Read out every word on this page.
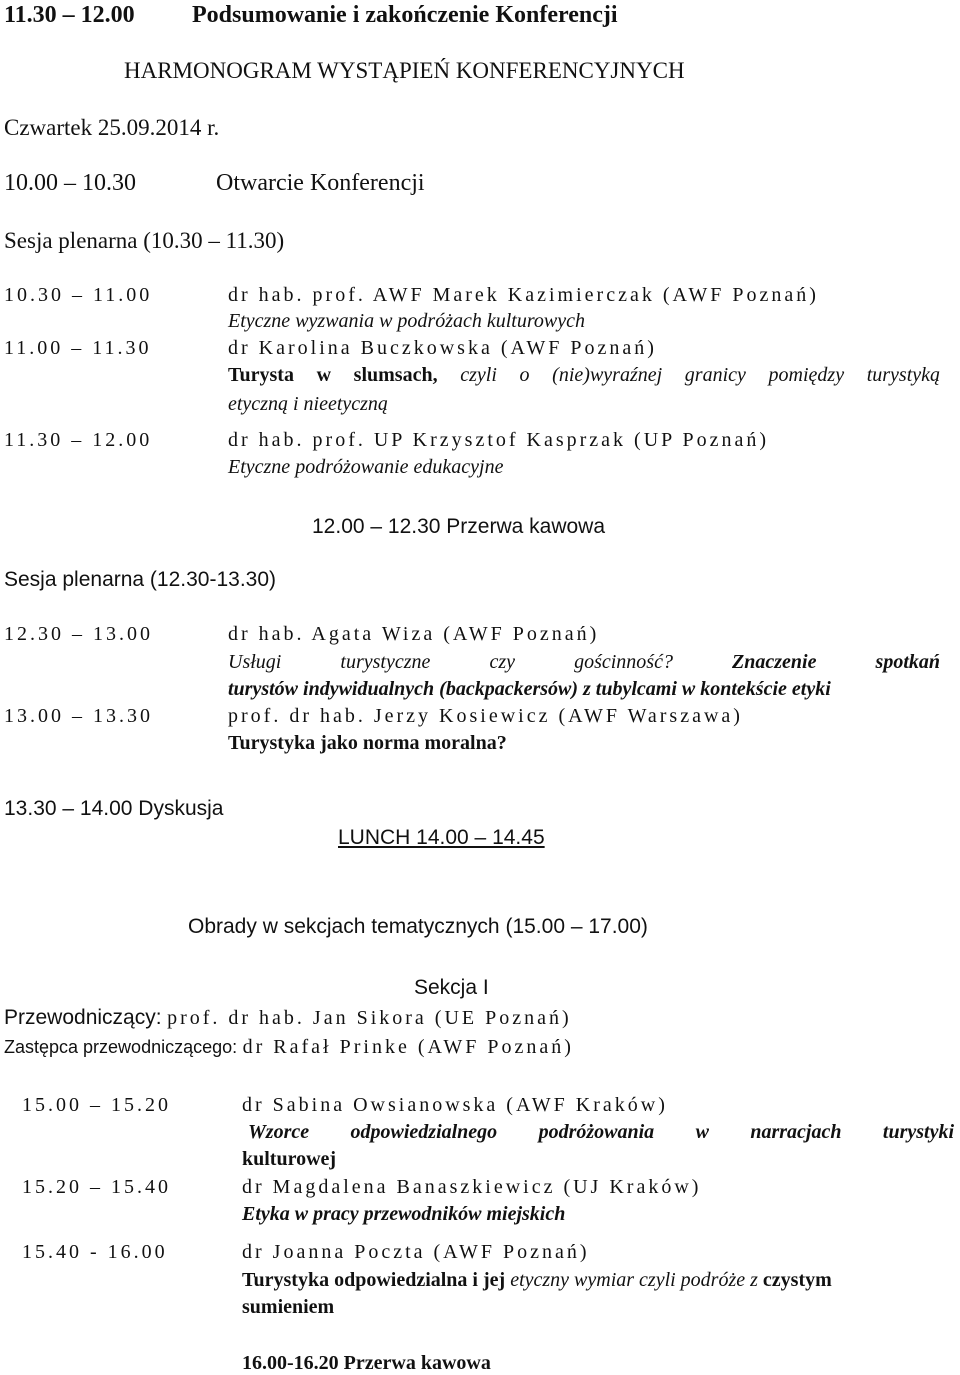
11.30 – 12.00 Podsumowanie i zakończenie Konferencji
HARMONOGRAM WYSTĄPIEŃ KONFERENCYJNYCH
Czwartek 25.09.2014 r.
10.00 – 10.30	Otwarcie Konferencji
Sesja plenarna (10.30 – 11.30)
10.30 – 11.00	dr hab. prof. AWF Marek Kazimierczak (AWF Poznań)
Etyczne wyzwania w podróżach kulturowych
11.00 – 11.30	dr Karolina Buczkowska (AWF Poznań)
Turysta w slumsach, czyli o (nie)wyraźnej granicy pomiędzy turystyką
etyczną i nieetyczną
11.30 – 12.00	dr hab. prof. UP Krzysztof Kasprzak (UP Poznań)
Etyczne podróżowanie edukacyjne
12.00 – 12.30 Przerwa kawowa
Sesja plenarna (12.30-13.30)
12.30 – 13.00	dr hab. Agata Wiza (AWF Poznań)
Usługi turystyczne czy gościnność?	Znaczenie spotkań
turystów indywidualnych (backpackersów) z tubylcami w kontekście etyki
13.00 – 13.30	prof. dr hab. Jerzy Kosiewicz (AWF Warszawa)
Turystyka jako norma moralna?
13.30 – 14.00 Dyskusja
LUNCH 14.00 – 14.45
Obrady w sekcjach tematycznych (15.00 – 17.00)
Sekcja I
Przewodniczący: prof. dr hab. Jan Sikora (UE Poznań)
Zastępca przewodniczącego: dr Rafał Prinke (AWF Poznań)
15.00 – 15.20	dr Sabina Owsianowska (AWF Kraków)
Wzorce odpowiedzialnego podróżowania w narracjach turystyki
kulturowej
15.20 – 15.40	dr Magdalena Banaszkiewicz (UJ Kraków)
Etyka w pracy przewodników miejskich
15.40 - 16.00	dr Joanna Poczta (AWF Poznań)
Turystyka odpowiedzialna i jej etyczny wymiar czyli podróże z czystym
sumieniem
16.00-16.20 Przerwa kawowa
